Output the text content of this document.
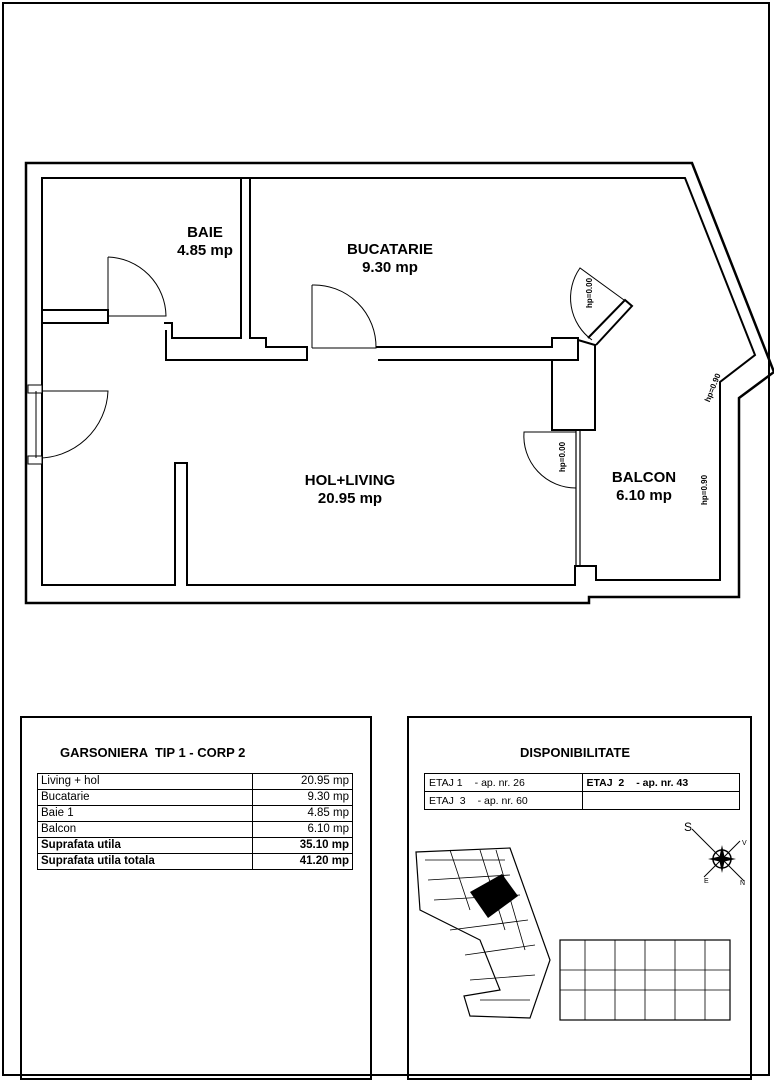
BAIE
4.85 mp	BUCATARIE
9.30 mp
HOL+LIVING
20.95 mp
BALCON
6.10 mp
hp=0.00
hp=0.00
hp=0.90
hp=0.90
GARSONIERA  TIP 1 - CORP 2
Living + hol	20.95 mp
Bucatarie	9.30 mp
Baie 1	4.85 mp
Balcon	6.10 mp
Suprafata utila	35.10 mp
Suprafata utila totala	41.20 mp
DISPONIBILITATE
ETAJ 1 - ap. nr. 26	ETAJ  2 - ap. nr. 43
ETAJ  3 - ap. nr. 60	
S
V
E	N
